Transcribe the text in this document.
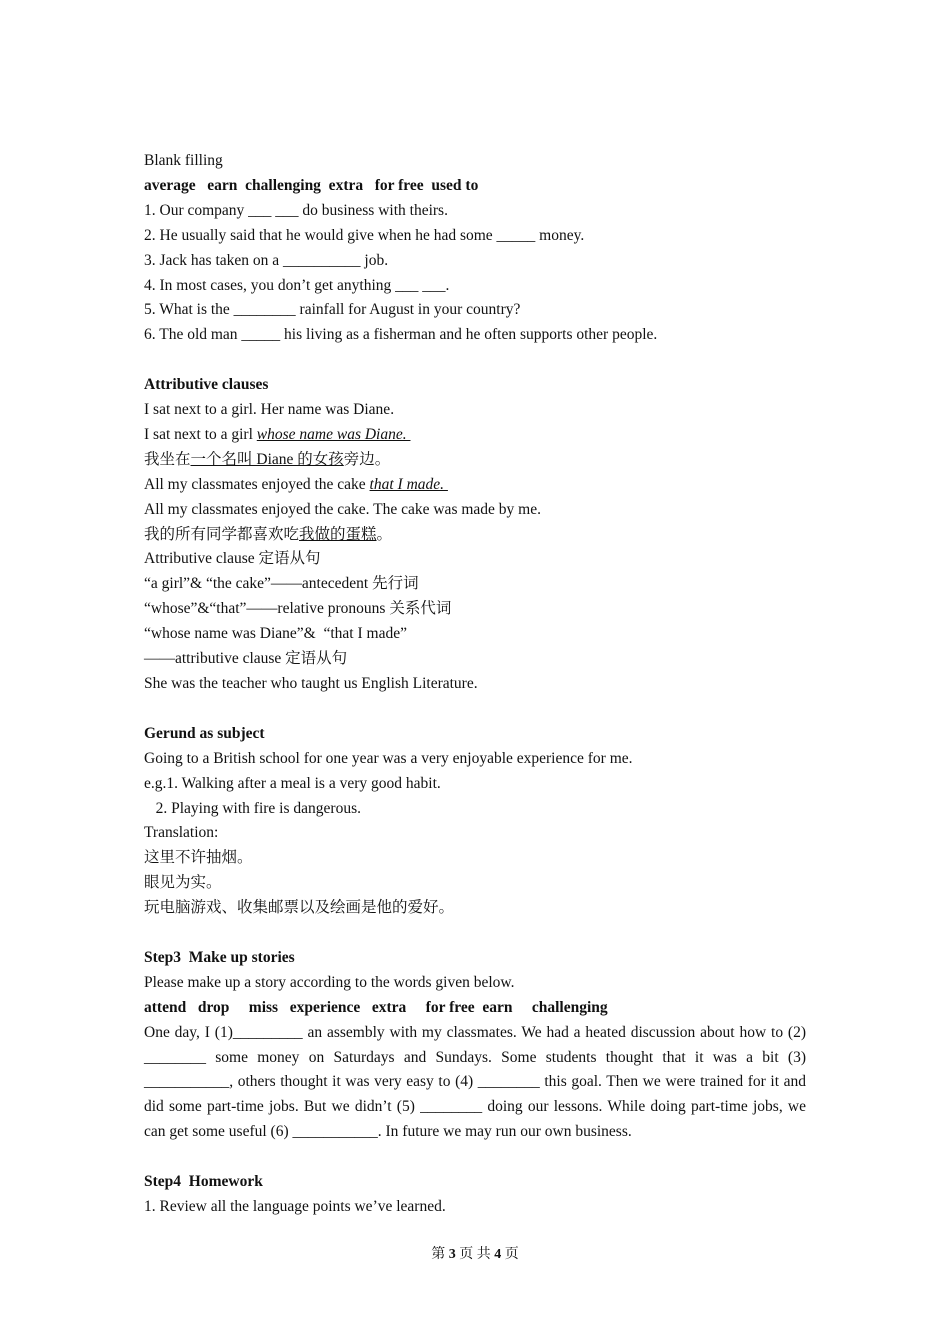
Blank filling
average   earn  challenging  extra   for free  used to
1. Our company ___ ___ do business with theirs.
2. He usually said that he would give when he had some _____ money.
3. Jack has taken on a __________ job.
4. In most cases, you don’t get anything ___ ___.
5. What is the ________ rainfall for August in your country?
6. The old man _____ his living as a fisherman and he often supports other people.
Attributive clauses
I sat next to a girl. Her name was Diane.
I sat next to a girl whose name was Diane.
我坐在一个名叫 Diane 的女孩旁边。
All my classmates enjoyed the cake that I made.
All my classmates enjoyed the cake. The cake was made by me.
我的所有同学都喜欢吃我做的蛋糕。
Attributive clause 定语从句
“a girl”& “the cake”——antecedent 先行词
“whose”&“that”——relative pronouns 关系代词
“whose name was Diane”&  “that I made”
——attributive clause 定语从句
She was the teacher who taught us English Literature.
Gerund as subject
Going to a British school for one year was a very enjoyable experience for me.
e.g.1. Walking after a meal is a very good habit.
2. Playing with fire is dangerous.
Translation:
这里不许抽烟。
眼见为实。
玩电脑游戏、收集邮票以及绘画是他的爱好。
Step3  Make up stories
Please make up a story according to the words given below.
attend   drop     miss   experience   extra     for free  earn     challenging
One day, I (1)_________ an assembly with my classmates. We had a heated discussion about how to (2) ________ some money on Saturdays and Sundays. Some students thought that it was a bit (3) ___________, others thought it was very easy to (4) ________ this goal. Then we were trained for it and did some part-time jobs. But we didn’t (5) ________ doing our lessons. While doing part-time jobs, we can get some useful (6) ___________. In future we may run our own business.
Step4  Homework
1. Review all the language points we’ve learned.
第 3 页 共 4 页
